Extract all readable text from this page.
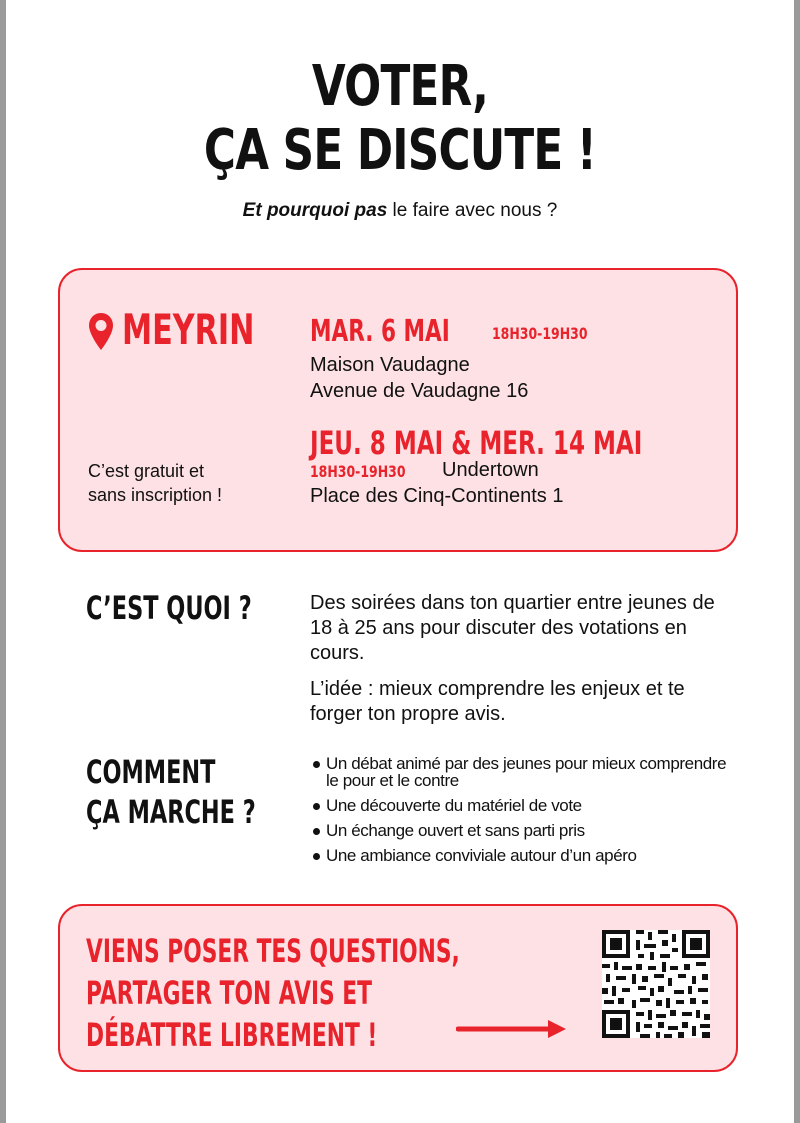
VOTER,
ÇA SE DISCUTE !
Et pourquoi pas le faire avec nous ?
MEYRIN
C’est gratuit et
sans inscription !
MAR. 6 MAI	18H30-19H30
Maison Vaudagne
Avenue de Vaudagne 16
JEU. 8 MAI & MER. 14 MAI
18H30-19H30 Undertown
Place des Cinq-Continents 1
C’EST QUOI ?	Des soirées dans ton quartier entre jeunes de 18 à 25 ans pour discuter des votations en cours.
L’idée : mieux comprendre les enjeux et te forger ton propre avis.
COMMENT
ÇA MARCHE ?
Un débat animé par des jeunes pour mieux comprendre le pour et le contre
Une découverte du matériel de vote
Un échange ouvert et sans parti pris
Une ambiance conviviale autour d’un apéro
VIENS POSER TES QUESTIONS,
PARTAGER TON AVIS ET
DÉBATTRE LIBREMENT !
